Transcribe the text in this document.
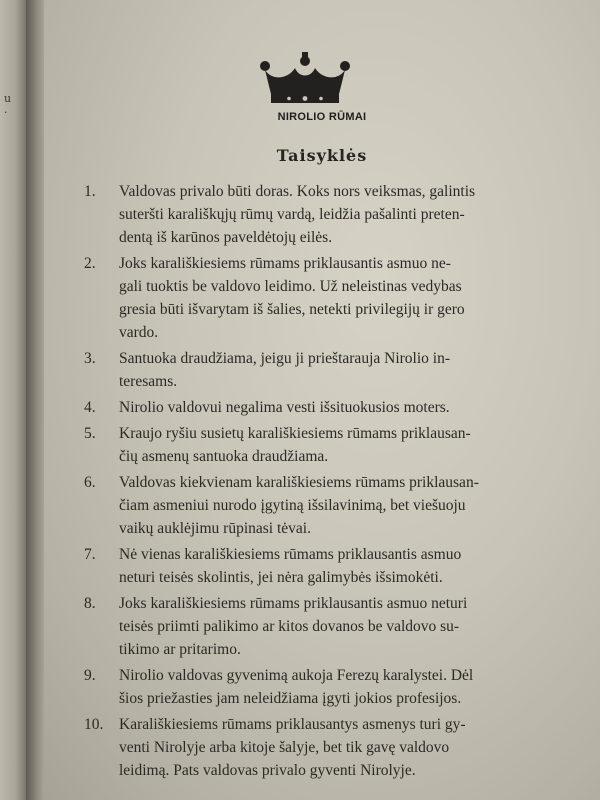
u
·	NIROLIO RŪMAI
Taisyklės
1.	Valdovas privalo būti doras. Koks nors veiksmas, galintis
suteršti karališkųjų rūmų vardą, leidžia pašalinti preten-
dentą iš karūnos paveldėtojų eilės.
2.	Joks karališkiesiems rūmams priklausantis asmuo ne-
gali tuoktis be valdovo leidimo. Už neleistinas vedybas
gresia būti išvarytam iš šalies, netekti privilegijų ir gero
vardo.
3.	Santuoka draudžiama, jeigu ji prieštarauja Nirolio in-
teresams.
4.	Nirolio valdovui negalima vesti išsituokusios moters.
5.	Kraujo ryšiu susietų karališkiesiems rūmams priklausan-
čių asmenų santuoka draudžiama.
6.	Valdovas kiekvienam karališkiesiems rūmams priklausan-
čiam asmeniui nurodo įgytiną išsilavinimą, bet viešuoju
vaikų auklėjimu rūpinasi tėvai.
7.	Nė vienas karališkiesiems rūmams priklausantis asmuo
neturi teisės skolintis, jei nėra galimybės išsimokėti.
8.	Joks karališkiesiems rūmams priklausantis asmuo neturi
teisės priimti palikimo ar kitos dovanos be valdovo su-
tikimo ar pritarimo.
9.	Nirolio valdovas gyvenimą aukoja Ferezų karalystei. Dėl
šios priežasties jam neleidžiama įgyti jokios profesijos.
10.	Karališkiesiems rūmams priklausantys asmenys turi gy-
venti Nirolyje arba kitoje šalyje, bet tik gavę valdovo
leidimą. Pats valdovas privalo gyventi Nirolyje.
